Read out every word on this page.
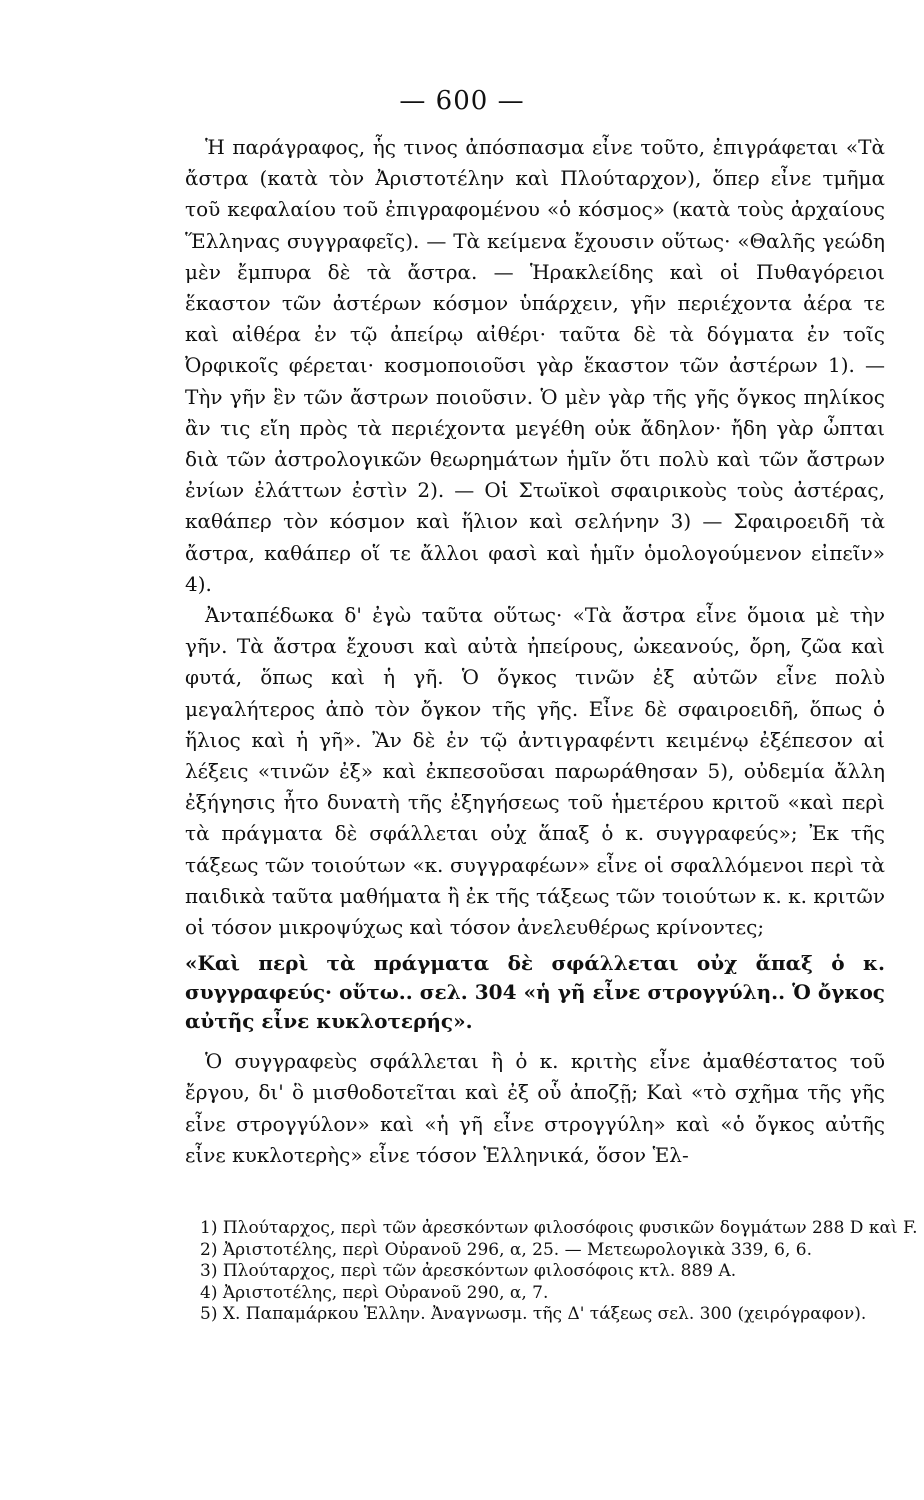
— 600 —

Ἡ παράγραφος, ἧς τινος ἀπόσπασμα εἶνε τοῦτο, ἐπιγράφεται «Τὰ ἄστρα (κατὰ τὸν Ἀριστοτέλην καὶ Πλούταρχον), ὅπερ εἶνε τμῆμα τοῦ κεφαλαίου τοῦ ἐπιγραφομένου «ὁ κόσμος» (κατὰ τοὺς ἀρχαίους Ἕλληνας συγγραφεῖς). — Τὰ κείμενα ἔχουσιν οὕτως· «Θαλῆς γεώδη μὲν ἔμπυρα δὲ τὰ ἄστρα. — Ἡρακλείδης καὶ οἱ Πυθαγόρειοι ἕκαστον τῶν ἀστέρων κόσμον ὑπάρχειν, γῆν περιέχοντα ἀέρα τε καὶ αἰθέρα ἐν τῷ ἀπείρῳ αἰθέρι· ταῦτα δὲ τὰ δόγματα ἐν τοῖς Ὀρφικοῖς φέρεται· κοσμοποιοῦσι γὰρ ἕκαστον τῶν ἀστέρων 1). — Τὴν γῆν ἓν τῶν ἄστρων ποιοῦσιν. Ὁ μὲν γὰρ τῆς γῆς ὄγκος πηλίκος ἂν τις εἴη πρὸς τὰ περιέχοντα μεγέθη οὐκ ἄδηλον· ἤδη γὰρ ὦπται διὰ τῶν ἀστρολογικῶν θεωρημάτων ἡμῖν ὅτι πολὺ καὶ τῶν ἄστρων ἐνίων ἐλάττων ἐστὶν 2). — Οἱ Στωϊκοὶ σφαιρικοὺς τοὺς ἀστέρας, καθάπερ τὸν κόσμον καὶ ἥλιον καὶ σελήνην 3) — Σφαιροειδῆ τὰ ἄστρα, καθάπερ οἵ τε ἄλλοι φασὶ καὶ ἡμῖν ὁμολογούμενον εἰπεῖν» 4).

Ἀνταπέδωκα δ' ἐγὼ ταῦτα οὕτως· «Τὰ ἄστρα εἶνε ὅμοια μὲ τὴν γῆν. Τὰ ἄστρα ἔχουσι καὶ αὐτὰ ἠπείρους, ὠκεανούς, ὄρη, ζῶα καὶ φυτά, ὅπως καὶ ἡ γῆ. Ὁ ὄγκος τινῶν ἐξ αὐτῶν εἶνε πολὺ μεγαλήτερος ἀπὸ τὸν ὄγκον τῆς γῆς. Εἶνε δὲ σφαιροειδῆ, ὅπως ὁ ἥλιος καὶ ἡ γῆ». Ἂν δὲ ἐν τῷ ἀντιγραφέντι κειμένῳ ἐξέπεσον αἱ λέξεις «τινῶν ἐξ» καὶ ἐκπεσοῦσαι παρωράθησαν 5), οὐδεμία ἄλλη ἐξήγησις ἦτο δυνατὴ τῆς ἐξηγήσεως τοῦ ἡμετέρου κριτοῦ «καὶ περὶ τὰ πράγματα δὲ σφάλλεται οὐχ ἅπαξ ὁ κ. συγγραφεύς»; Ἐκ τῆς τάξεως τῶν τοιούτων «κ. συγγραφέων» εἶνε οἱ σφαλλόμενοι περὶ τὰ παιδικὰ ταῦτα μαθήματα ἢ ἐκ τῆς τάξεως τῶν τοιούτων κ. κ. κριτῶν οἱ τόσον μικροψύχως καὶ τόσον ἀνελευθέρως κρίνοντες;

«Καὶ περὶ τὰ πράγματα δὲ σφάλλεται οὐχ ἅπαξ ὁ κ. συγγραφεύς· οὕτω.. σελ. 304 «ἡ γῆ εἶνε στρογγύλη.. Ὁ ὄγκος αὐτῆς εἶνε κυκλοτερής».

Ὁ συγγραφεὺς σφάλλεται ἢ ὁ κ. κριτὴς εἶνε ἀμαθέστατος τοῦ ἔργου, δι' ὃ μισθοδοτεῖται καὶ ἐξ οὗ ἀποζῇ; Καὶ «τὸ σχῆμα τῆς γῆς εἶνε στρογγύλον» καὶ «ἡ γῆ εἶνε στρογγύλη» καὶ «ὁ ὄγκος αὐτῆς εἶνε κυκλοτερὴς» εἶνε τόσον Ἑλληνικά, ὅσον Ἑλ-

1) Πλούταρχος, περὶ τῶν ἀρεσκόντων φιλοσόφοις φυσικῶν δογμάτων 288 D καὶ F.
2) Ἀριστοτέλης, περὶ Οὐρανοῦ 296, α, 25. — Μετεωρολογικὰ 339, 6, 6.
3) Πλούταρχος, περὶ τῶν ἀρεσκόντων φιλοσόφοις κτλ. 889 A.
4) Ἀριστοτέλης, περὶ Οὐρανοῦ 290, α, 7.
5) Χ. Παπαμάρκου Ἑλλην. Ἀναγνωσμ. τῆς Δ' τάξεως σελ. 300 (χειρόγραφον).
